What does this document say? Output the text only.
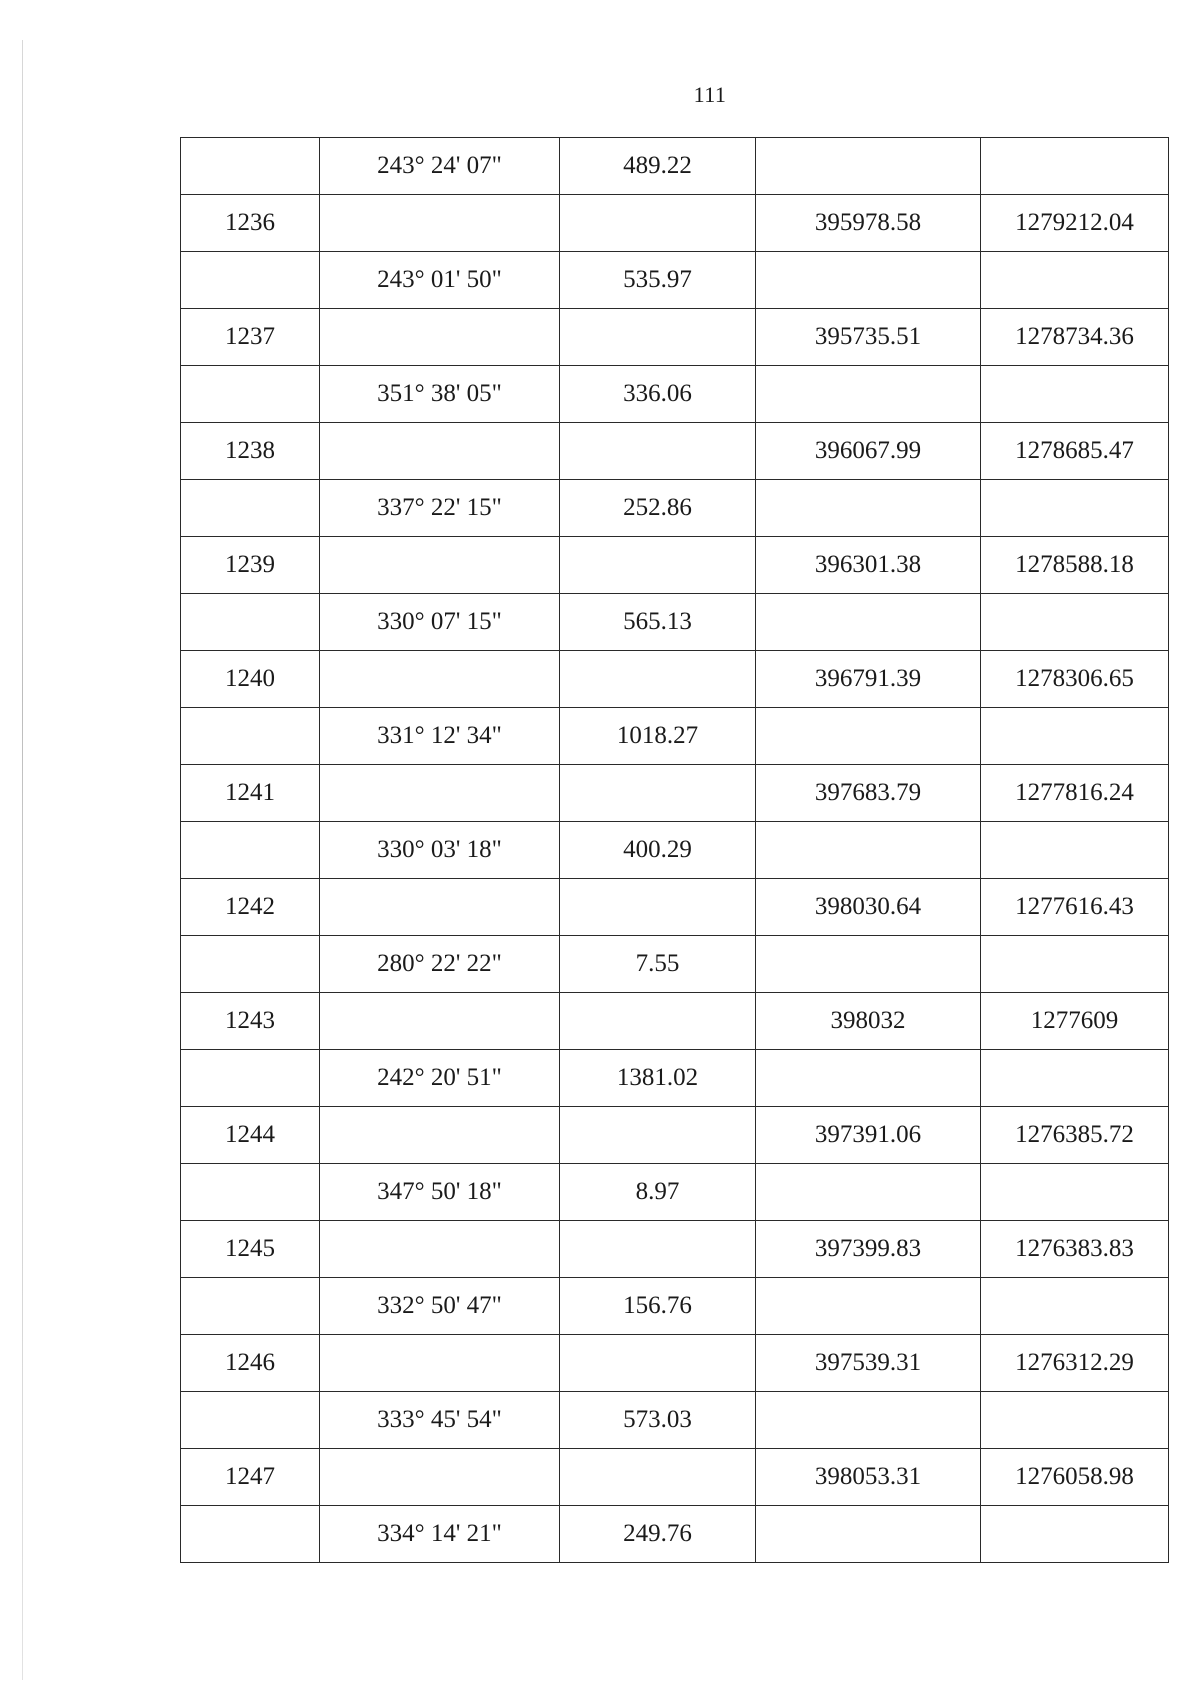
111
	243° 24' 07"	489.22		
1236			395978.58	1279212.04
	243° 01' 50"	535.97		
1237			395735.51	1278734.36
	351° 38' 05"	336.06		
1238			396067.99	1278685.47
	337° 22' 15"	252.86		
1239			396301.38	1278588.18
	330° 07' 15"	565.13		
1240			396791.39	1278306.65
	331° 12' 34"	1018.27		
1241			397683.79	1277816.24
	330° 03' 18"	400.29		
1242			398030.64	1277616.43
	280° 22' 22"	7.55		
1243			398032	1277609
	242° 20' 51"	1381.02		
1244			397391.06	1276385.72
	347° 50' 18"	8.97		
1245			397399.83	1276383.83
	332° 50' 47"	156.76		
1246			397539.31	1276312.29
	333° 45' 54"	573.03		
1247			398053.31	1276058.98
	334° 14' 21"	249.76		
